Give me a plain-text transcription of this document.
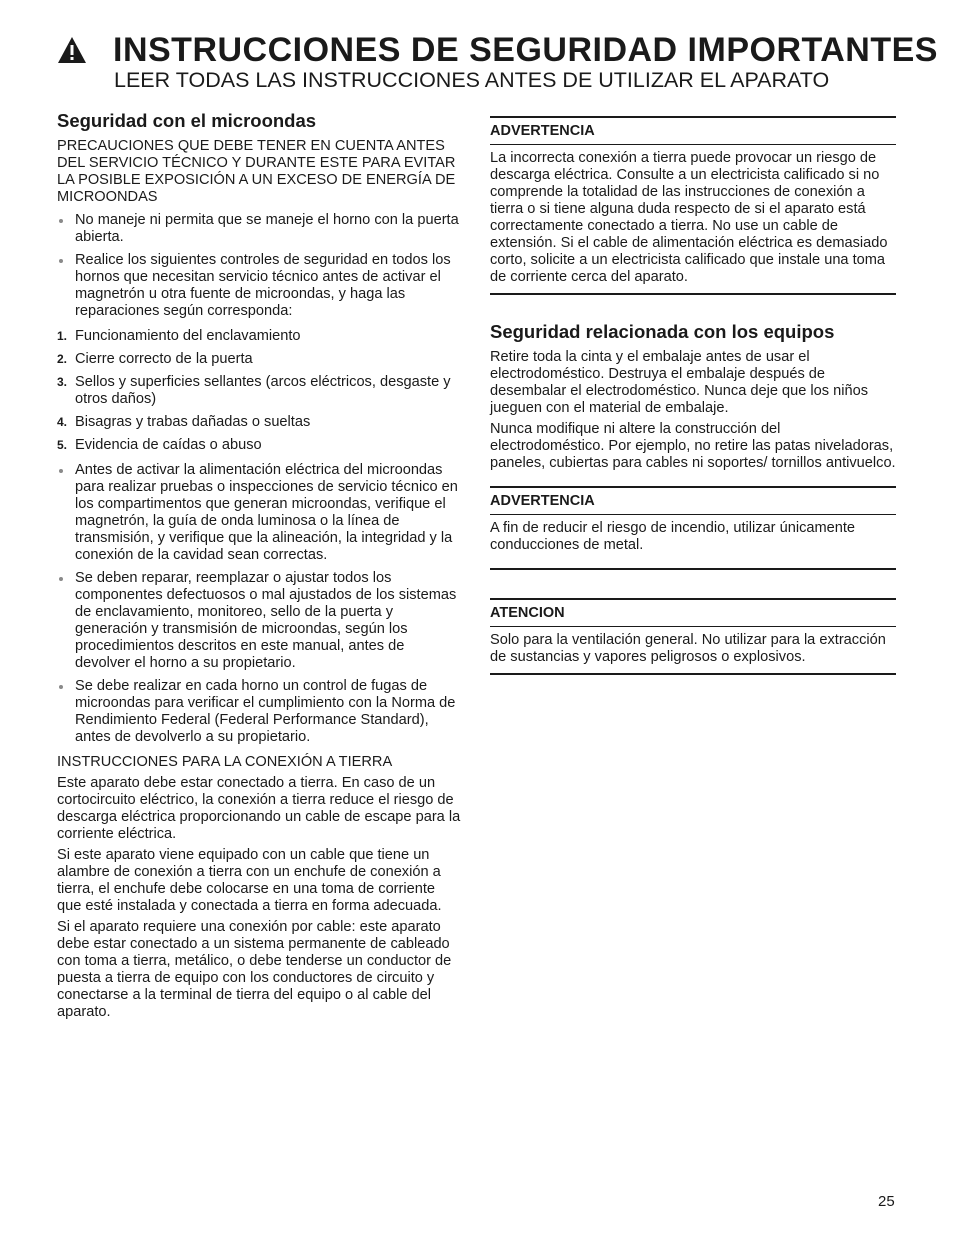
INSTRUCCIONES DE SEGURIDAD IMPORTANTES
LEER TODAS LAS INSTRUCCIONES ANTES DE UTILIZAR EL APARATO
Seguridad con el microondas

PRECAUCIONES QUE DEBE TENER EN CUENTA ANTES DEL SERVICIO TÉCNICO Y DURANTE ESTE PARA EVITAR LA POSIBLE EXPOSICIÓN A UN EXCESO DE ENERGÍA DE MICROONDAS

No maneje ni permita que se maneje el horno con la puerta abierta.
Realice los siguientes controles de seguridad en todos los hornos que necesitan servicio técnico antes de activar el magnetrón u otra fuente de microondas, y haga las reparaciones según corresponda:
1. Funcionamiento del enclavamiento
2. Cierre correcto de la puerta
3. Sellos y superficies sellantes (arcos eléctricos, desgaste y otros daños)
4. Bisagras y trabas dañadas o sueltas
5. Evidencia de caídas o abuso
Antes de activar la alimentación eléctrica del microondas para realizar pruebas o inspecciones de servicio técnico en los compartimentos que generan microondas, verifique el magnetrón, la guía de onda luminosa o la línea de transmisión, y verifique que la alineación, la integridad y la conexión de la cavidad sean correctas.
Se deben reparar, reemplazar o ajustar todos los componentes defectuosos o mal ajustados de los sistemas de enclavamiento, monitoreo, sello de la puerta y generación y transmisión de microondas, según los procedimientos descritos en este manual, antes de devolver el horno a su propietario.
Se debe realizar en cada horno un control de fugas de microondas para verificar el cumplimiento con la Norma de Rendimiento Federal (Federal Performance Standard), antes de devolverlo a su propietario.

INSTRUCCIONES PARA LA CONEXIÓN A TIERRA

Este aparato debe estar conectado a tierra. En caso de un cortocircuito eléctrico, la conexión a tierra reduce el riesgo de descarga eléctrica proporcionando un cable de escape para la corriente eléctrica.

Si este aparato viene equipado con un cable que tiene un alambre de conexión a tierra con un enchufe de conexión a tierra, el enchufe debe colocarse en una toma de corriente que esté instalada y conectada a tierra en forma adecuada.

Si el aparato requiere una conexión por cable: este aparato debe estar conectado a un sistema permanente de cableado con toma a tierra, metálico, o debe tenderse un conductor de puesta a tierra de equipo con los conductores de circuito y conectarse a la terminal de tierra del equipo o al cable del aparato.

ADVERTENCIA
La incorrecta conexión a tierra puede provocar un riesgo de descarga eléctrica. Consulte a un electricista calificado si no comprende la totalidad de las instrucciones de conexión a tierra o si tiene alguna duda respecto de si el aparato está correctamente conectado a tierra. No use un cable de extensión. Si el cable de alimentación eléctrica es demasiado corto, solicite a un electricista calificado que instale una toma de corriente cerca del aparato.
Seguridad relacionada con los equipos

Retire toda la cinta y el embalaje antes de usar el electrodoméstico. Destruya el embalaje después de desembalar el electrodoméstico. Nunca deje que los niños jueguen con el material de embalaje.

Nunca modifique ni altere la construcción del electrodoméstico. Por ejemplo, no retire las patas niveladoras, paneles, cubiertas para cables ni soportes/ tornillos antivuelco.

ADVERTENCIA
A fin de reducir el riesgo de incendio, utilizar únicamente conducciones de metal.
ATENCION
Solo para la ventilación general. No utilizar para la extracción de sustancias y vapores peligrosos o explosivos.
25
